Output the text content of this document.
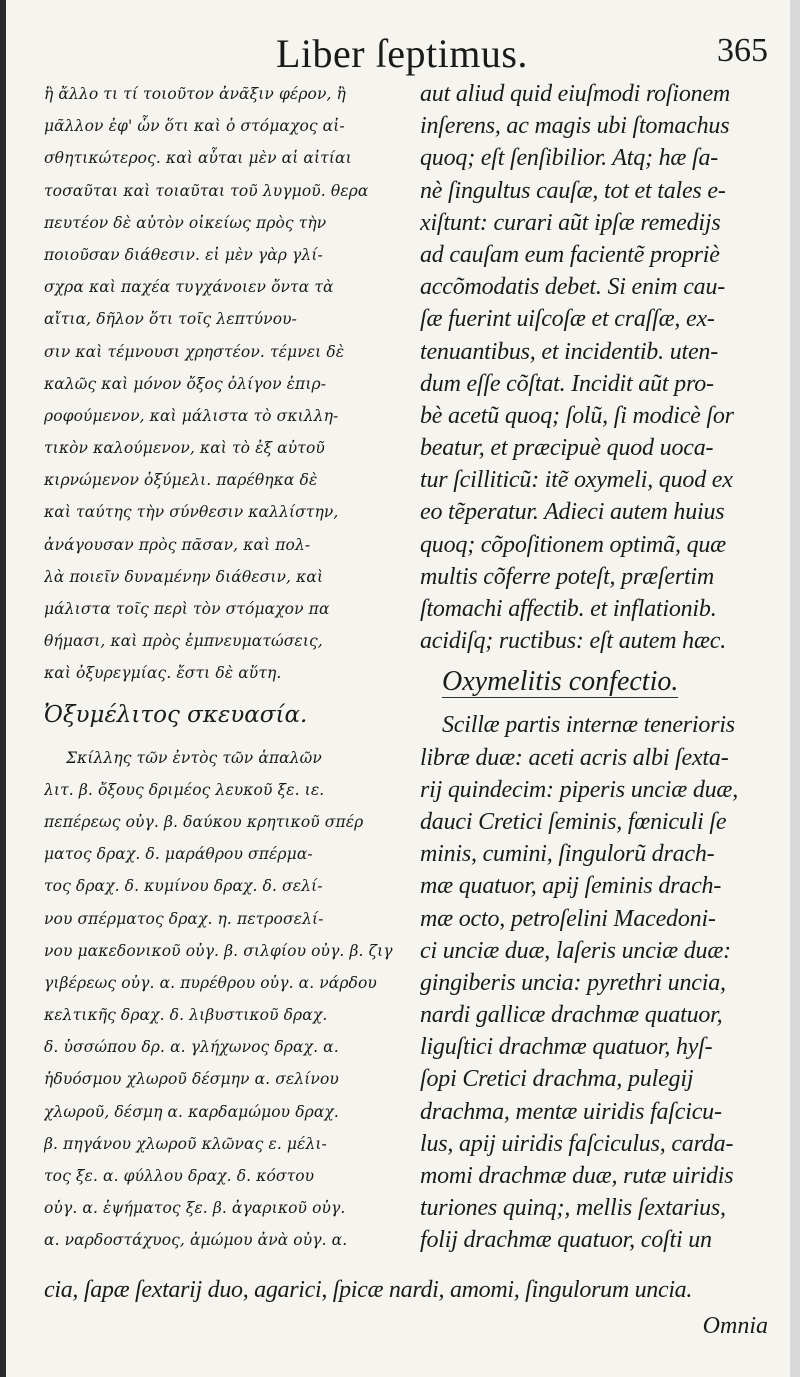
Liber ſeptimus.	365
ἢ ἄλλο τι τί τοιοῦτον ἀνᾶξιν φέρον, ἢ
μᾶλλον ἐφ' ὧν ὅτι καὶ ὁ στόμαχος αἰ-
σθητικώτερος. καὶ αὗται μὲν αἱ αἰτίαι
τοσαῦται καὶ τοιαῦται τοῦ λυγμοῦ. θερα
πευτέον δὲ αὐτὸν οἰκείως πρὸς τὴν
ποιοῦσαν διάθεσιν. εἰ μὲν γὰρ γλί-
σχρα καὶ παχέα τυγχάνοιεν ὄντα τὰ
αἴτια, δῆλον ὅτι τοῖς λεπτύνου-
σιν καὶ τέμνουσι χρηστέον. τέμνει δὲ
καλῶς καὶ μόνον ὄξος ὀλίγον ἐπιρ-
ροφούμενον, καὶ μάλιστα τὸ σκιλλη-
τικὸν καλούμενον, καὶ τὸ ἐξ αὐτοῦ
κιρνώμενον ὀξύμελι. παρέθηκα δὲ
καὶ ταύτης τὴν σύνθεσιν καλλίστην,
ἀνάγουσαν πρὸς πᾶσαν, καὶ πολ-
λὰ ποιεῖν δυναμένην διάθεσιν, καὶ
μάλιστα τοῖς περὶ τὸν στόμαχον πα
θήμασι, καὶ πρὸς ἐμπνευματώσεις,
καὶ ὀξυρεγμίας. ἔστι δὲ αὕτη.
Ὀξυμέλιτος σκευασία.
Σκίλλης τῶν ἐντὸς τῶν ἁπαλῶν
λιτ. β. ὄξους δριμέος λευκοῦ ξε. ιε.
πεπέρεως οὐγ. β. δαύκου κρητικοῦ σπέρ
ματος δραχ. δ. μαράθρου σπέρμα-
τος δραχ. δ. κυμίνου δραχ. δ. σελί-
νου σπέρματος δραχ. η. πετροσελί-
νου μακεδονικοῦ οὐγ. β. σιλφίου οὐγ. β. ζιγ
γιβέρεως οὐγ. α. πυρέθρου οὐγ. α. νάρδου
κελτικῆς δραχ. δ. λιβυστικοῦ δραχ.
δ. ὑσσώπου δρ. α. γλήχωνος δραχ. α.
ἡδυόσμου χλωροῦ δέσμην α. σελίνου
χλωροῦ, δέσμη α. καρδαμώμου δραχ.
β. πηγάνου χλωροῦ κλῶνας ε. μέλι-
τος ξε. α. φύλλου δραχ. δ. κόστου
οὐγ. α. ἑψήματος ξε. β. ἀγαρικοῦ οὐγ.
α. ναρδοστάχυος, ἀμώμου ἀνὰ οὐγ. α.
aut aliud quid eiuſmodi roſionem
inſerens, ac magis ubi ſtomachus
quoq; eſt ſenſibilior. Atq; hæ ſa-
nè ſingultus cauſæ, tot et tales e-
xiſtunt: curari aũt ipſæ remedijs
ad cauſam eum facientẽ propriè
accõmodatis debet. Si enim cau-
ſæ fuerint uiſcoſæ et craſſæ, ex-
tenuantibus, et incidentib. uten-
dum eſſe cõſtat. Incidit aũt pro-
bè acetũ quoq; ſolũ, ſi modicè ſor
beatur, et præcipuè quod uoca-
tur ſcilliticũ: itẽ oxymeli, quod ex
eo tẽperatur. Adieci autem huius
quoq; cõpoſitionem optimã, quæ
multis cõferre poteſt, præſertim
ſtomachi affectib. et inflationib.
acidiſq; ructibus: eſt autem hæc.
Oxymelitis confectio.
Scillæ partis internæ tenerioris
libræ duæ: aceti acris albi ſexta-
rij quindecim: piperis unciæ duæ,
dauci Cretici ſeminis, fœniculi ſe
minis, cumini, ſingulorũ drach-
mæ quatuor, apij ſeminis drach-
mæ octo, petroſelini Macedoni-
ci unciæ duæ, laſeris unciæ duæ:
gingiberis uncia: pyrethri uncia,
nardi gallicæ drachmæ quatuor,
liguſtici drachmæ quatuor, hyſ-
ſopi Cretici drachma, pulegij
drachma, mentæ uiridis faſcicu-
lus, apij uiridis faſciculus, carda-
momi drachmæ duæ, rutæ uiridis
turiones quinq;, mellis ſextarius,
folij drachmæ quatuor, coſti un
cia, ſapæ ſextarij duo, agarici, ſpicæ nardi, amomi, ſingulorum uncia.
Omnia
